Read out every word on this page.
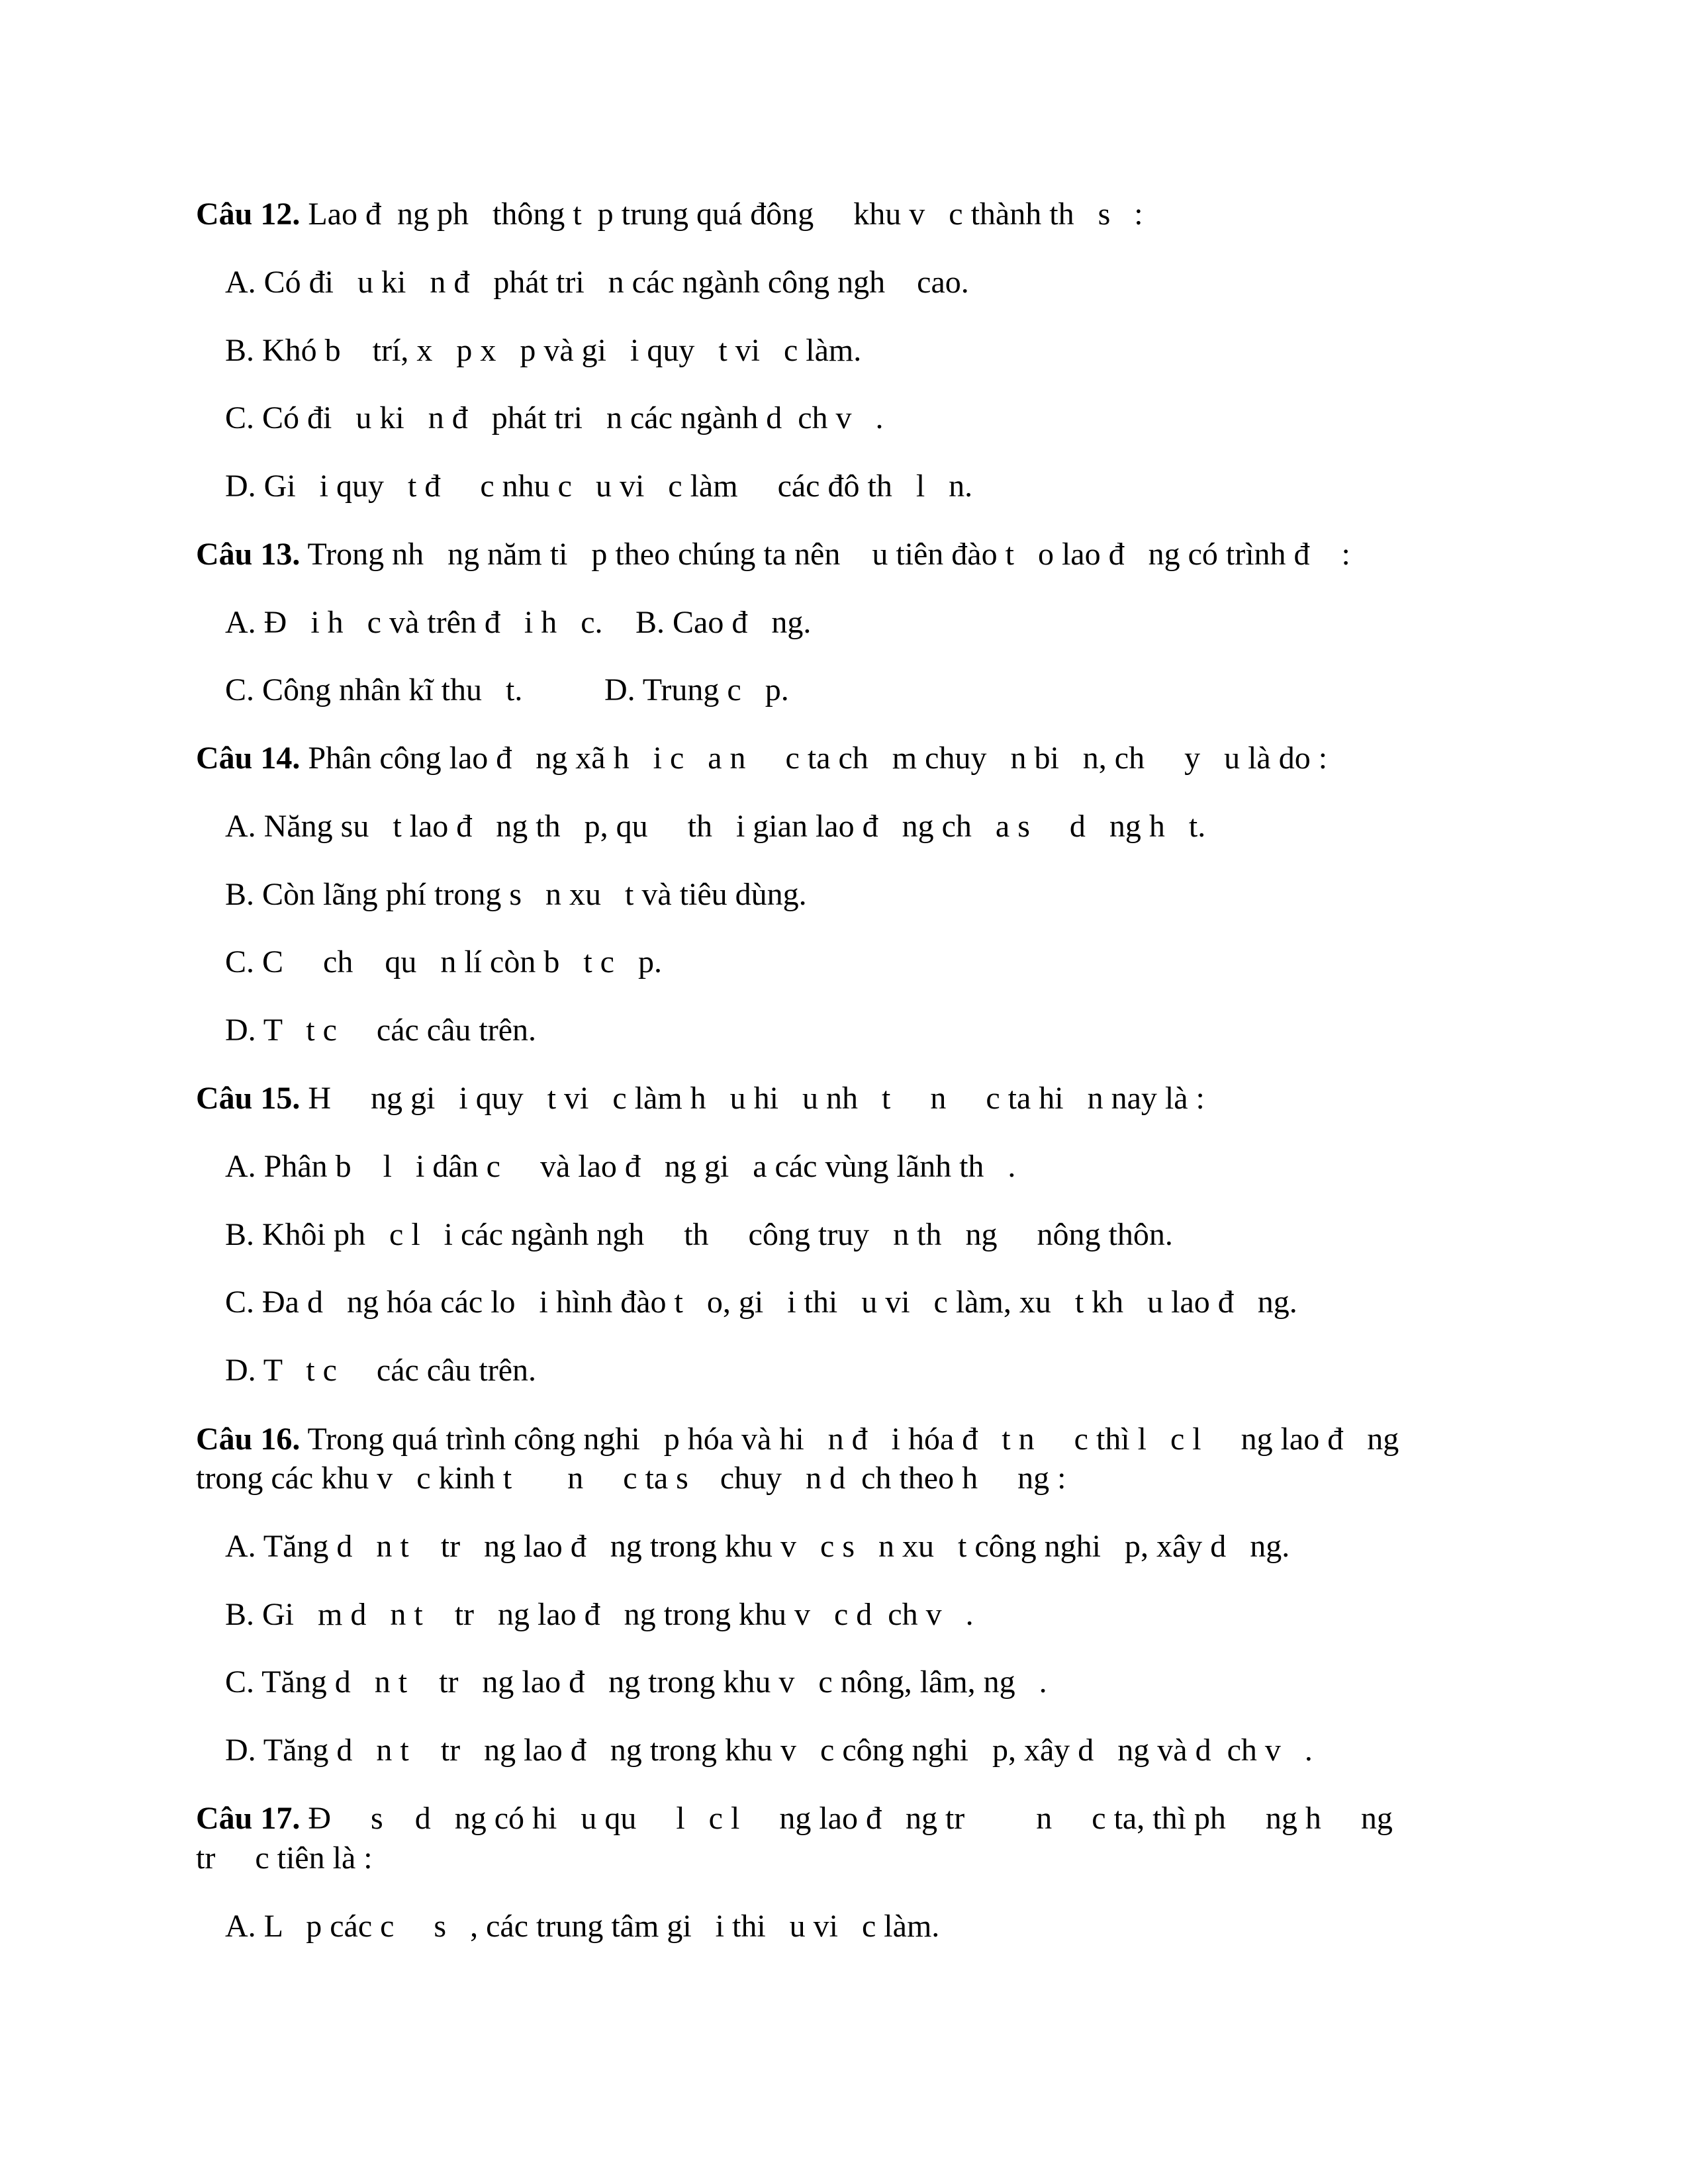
Câu 12. Lao đ  ng ph   thông t  p trung quá đông     khu v   c thành th   s   :
A. Có đi   u ki   n đ   phát tri   n các ngành công ngh    cao.
B. Khó b    trí, x   p x   p và gi   i quy   t vi   c làm.
C. Có đi   u ki   n đ   phát tri   n các ngành d  ch v   .
D. Gi   i quy   t đ     c nhu c   u vi   c làm     các đô th   l   n.
Câu 13. Trong nh   ng năm ti   p theo chúng ta nên    u tiên đào t   o lao đ   ng có trình đ    :
A. Đ   i h   c và trên đ   i h   c.	B. Cao đ   ng.
C. Công nhân kĩ thu   t.	D. Trung c   p.
Câu 14. Phân công lao đ   ng xã h   i c   a n     c ta ch   m chuy   n bi   n, ch     y   u là do :
A. Năng su   t lao đ   ng th   p, qu     th   i gian lao đ   ng ch   a s     d   ng h   t.
B. Còn lãng phí trong s   n xu   t và tiêu dùng.
C. C     ch    qu   n lí còn b   t c   p.
D. T   t c     các câu trên.
Câu 15. H     ng gi   i quy   t vi   c làm h   u hi   u nh   t     n     c ta hi   n nay là :
A. Phân b    l   i dân c     và lao đ   ng gi   a các vùng lãnh th   .
B. Khôi ph   c l   i các ngành ngh     th     công truy   n th   ng     nông thôn.
C. Đa d   ng hóa các lo   i hình đào t   o, gi   i thi   u vi   c làm, xu   t kh   u lao đ   ng.
D. T   t c     các câu trên.
Câu 16. Trong quá trình công nghi   p hóa và hi   n đ   i hóa đ   t n     c thì l   c l     ng lao đ   ng
trong các khu v   c kinh t       n     c ta s    chuy   n d  ch theo h     ng :
A. Tăng d   n t    tr   ng lao đ   ng trong khu v   c s   n xu   t công nghi   p, xây d   ng.
B. Gi   m d   n t    tr   ng lao đ   ng trong khu v   c d  ch v   .
C. Tăng d   n t    tr   ng lao đ   ng trong khu v   c nông, lâm, ng   .
D. Tăng d   n t    tr   ng lao đ   ng trong khu v   c công nghi   p, xây d   ng và d  ch v   .
Câu 17. Đ     s    d   ng có hi   u qu     l   c l     ng lao đ   ng tr         n     c ta, thì ph     ng h     ng
tr     c tiên là :
A. L   p các c     s   , các trung tâm gi   i thi   u vi   c làm.
